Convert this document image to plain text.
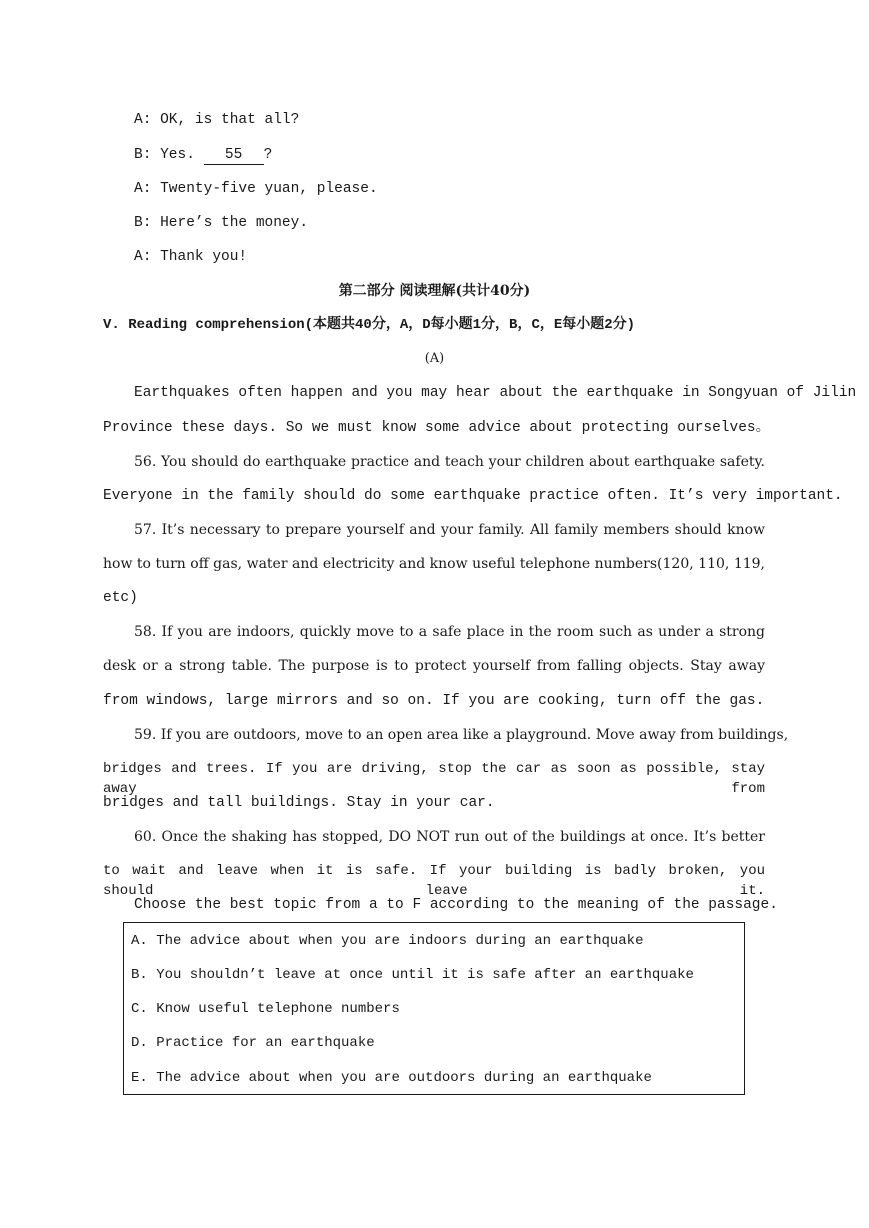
A: OK, is that all?
B: Yes. 55 ?
A: Twenty-five yuan, please.
B: Here’s the money.
A: Thank you!
第二部分 阅读理解(共计40分)
V. Reading comprehension(本题共40分，A，D每小题1分，B，C，E每小题2分)
(A)
Earthquakes often happen and you may hear about the earthquake in Songyuan of Jilin
Province these days. So we must know some advice about protecting ourselves。
56. You should do earthquake practice and teach your children about earthquake safety.
Everyone in the family should do some earthquake practice often. It’s very important.
57. It’s necessary to prepare yourself and your family. All family members should know
how to turn off gas, water and electricity and know useful telephone numbers(120, 110, 119,
etc)
58. If you are indoors, quickly move to a safe place in the room such as under a strong
desk or a strong table. The purpose is to protect yourself from falling objects. Stay away
from windows, large mirrors and so on. If you are cooking, turn off the gas.
59. If you are outdoors, move to an open area like a playground. Move away from buildings,
bridges and trees. If you are driving, stop the car as soon as possible, stay away from
bridges and tall buildings. Stay in your car.
60. Once the shaking has stopped, DO NOT run out of the buildings at once. It’s better
to wait and leave when it is safe. If your building is badly broken, you should leave it.
Choose the best topic from a to F according to the meaning of the passage.
A. The advice about when you are indoors during an earthquake
B. You shouldn’t leave at once until it is safe after an earthquake
C. Know useful telephone numbers
D. Practice for an earthquake
E. The advice about when you are outdoors during an earthquake
